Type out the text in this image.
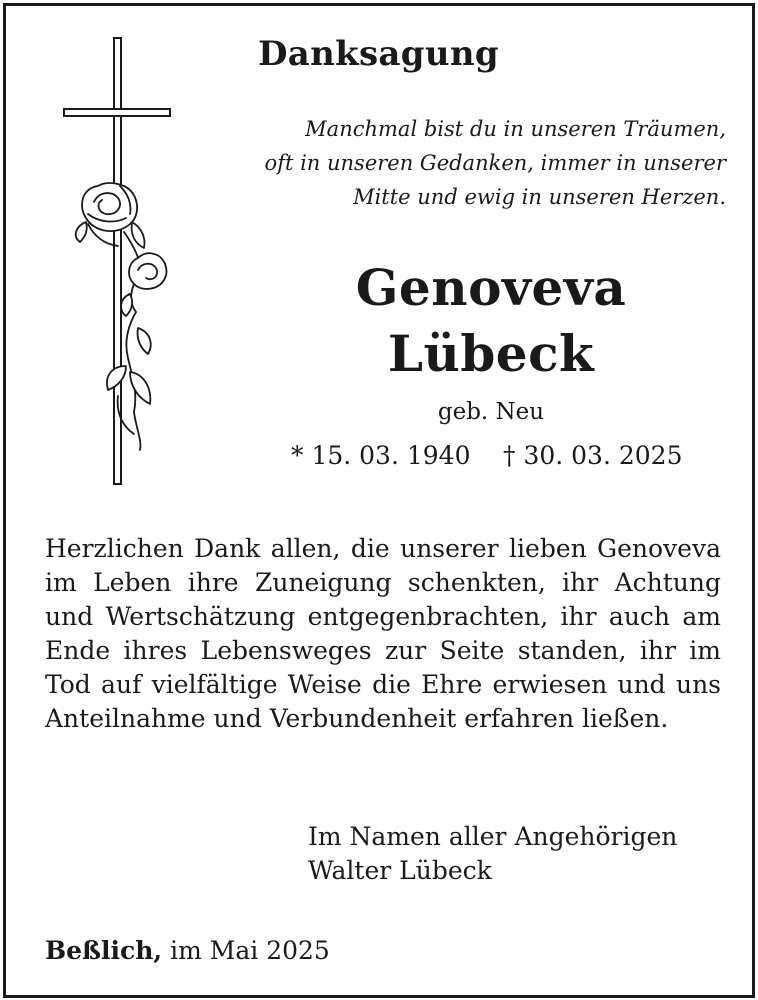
Danksagung
Manchmal bist du in unseren Träumen,
oft in unseren Gedanken, immer in unserer
Mitte und ewig in unseren Herzen.
Genoveva
Lübeck
geb. Neu
* 15. 03. 1940 † 30. 03. 2025
Herzlichen Dank allen, die unserer lieben Genoveva im Leben ihre Zuneigung schenkten, ihr Achtung und Wertschätzung entgegenbrachten, ihr auch am Ende ihres Lebensweges zur Seite standen, ihr im Tod auf vielfältige Weise die Ehre erwiesen und uns Anteilnahme und Verbundenheit erfahren ließen.
Im Namen aller Angehörigen
Walter Lübeck
Beßlich, im Mai 2025
